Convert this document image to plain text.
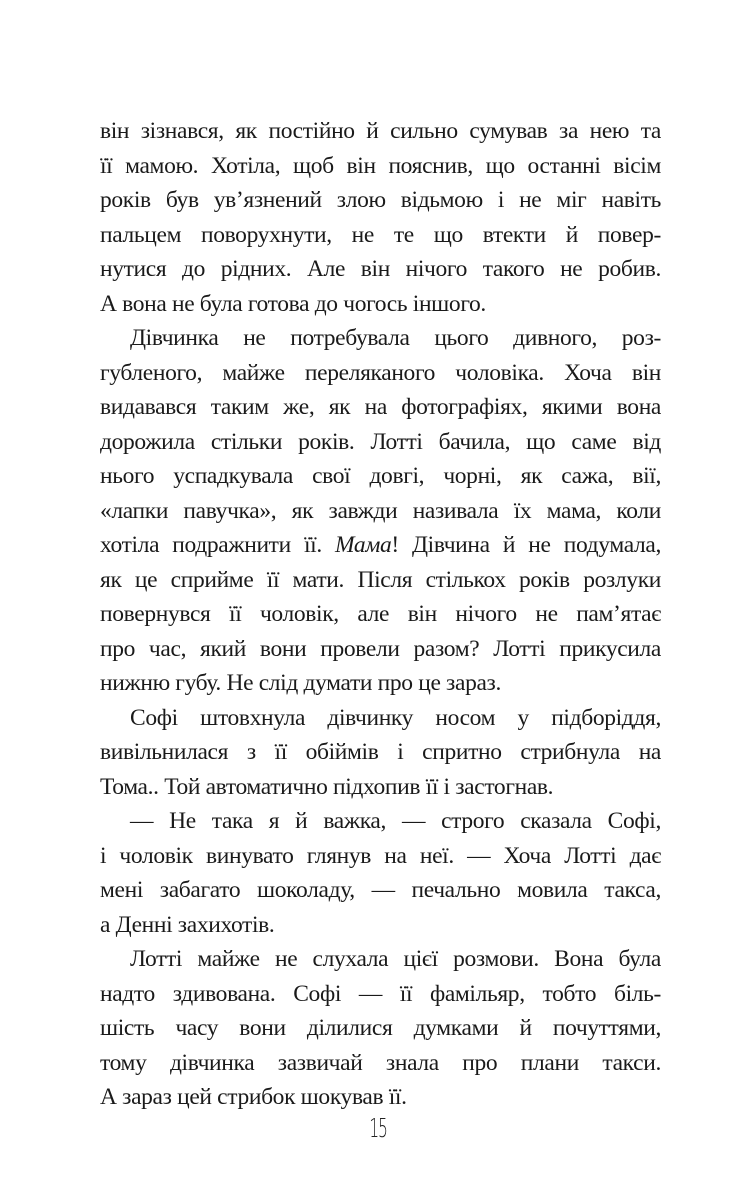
він зізнався, як постійно й сильно сумував за нею та
її мамою. Хотіла, щоб він пояснив, що останні вісім
років був ув’язнений злою відьмою і не міг навіть
пальцем поворухнути, не те що втекти й повер-
нутися до рідних. Але він нічого такого не робив.
А вона не була готова до чогось іншого.
Дівчинка не потребувала цього дивного, роз-
губленого, майже переляканого чоловіка. Хоча він
видавався таким же, як на фотографіях, якими вона
дорожила стільки років. Лотті бачила, що саме від
нього успадкувала свої довгі, чорні, як сажа, вії,
«лапки павучка», як завжди називала їх мама, коли
хотіла подражнити її. Мама! Дівчина й не подумала,
як це сприйме її мати. Після стількох років розлуки
повернувся її чоловік, але він нічого не пам’ятає
про час, який вони провели разом? Лотті прикусила
нижню губу. Не слід думати про це зараз.
Софі штовхнула дівчинку носом у підборіддя,
вивільнилася з її обіймів і спритно стрибнула на
Тома.. Той автоматично підхопив її і застогнав.
— Не така я й важка, — строго сказала Софі,
і чоловік винувато глянув на неї. — Хоча Лотті дає
мені забагато шоколаду, — печально мовила такса,
а Денні захихотів.
Лотті майже не слухала цієї розмови. Вона була
надто здивована. Софі — її фамільяр, тобто біль-
шість часу вони ділилися думками й почуттями,
тому дівчинка зазвичай знала про плани такси.
А зараз цей стрибок шокував її.
15
